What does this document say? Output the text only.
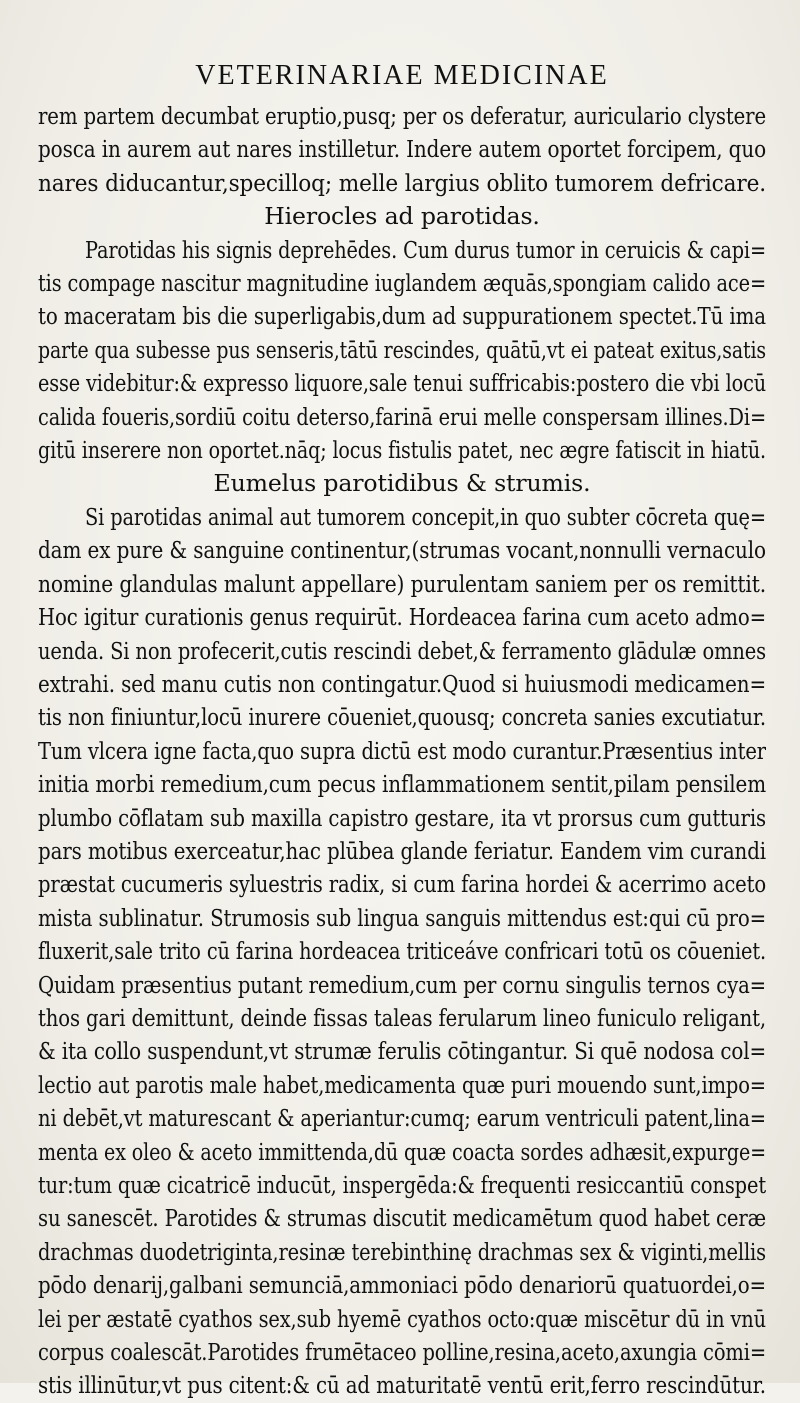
VETERINARIAE MEDICINAE
rem partem decumbat eruptio,pusq; per os deferatur, auriculario clystere
posca in aurem aut nares instilletur. Indere autem oportet forcipem, quo
nares diducantur,specilloq; melle largius oblito tumorem defricare.
Hierocles ad parotidas.
Parotidas his signis deprehēdes. Cum durus tumor in ceruicis & capi=
tis compage nascitur magnitudine iuglandem æquās,spongiam calido ace=
to maceratam bis die superligabis,dum ad suppurationem spectet.Tū ima
parte qua subesse pus senseris,tātū rescindes, quātū,vt ei pateat exitus,satis
esse videbitur:& expresso liquore,sale tenui suffricabis:postero die vbi locū
calida foueris,sordiū coitu deterso,farinā erui melle conspersam illines.Di=
gitū inserere non oportet.nāq; locus fistulis patet, nec ægre fatiscit in hiatū.
Eumelus parotidibus & strumis.
Si parotidas animal aut tumorem concepit,in quo subter cōcreta quę=
dam ex pure & sanguine continentur,(strumas vocant,nonnulli vernaculo
nomine glandulas malunt appellare) purulentam saniem per os remittit.
Hoc igitur curationis genus requirūt. Hordeacea farina cum aceto admo=
uenda. Si non profecerit,cutis rescindi debet,& ferramento glādulæ omnes
extrahi. sed manu cutis non contingatur.Quod si huiusmodi medicamen=
tis non finiuntur,locū inurere cōueniet,quousq; concreta sanies excutiatur.
Tum vlcera igne facta,quo supra dictū est modo curantur.Præsentius inter
initia morbi remedium,cum pecus inflammationem sentit,pilam pensilem
plumbo cōflatam sub maxilla capistro gestare, ita vt prorsus cum gutturis
pars motibus exerceatur,hac plūbea glande feriatur. Eandem vim curandi
præstat cucumeris syluestris radix, si cum farina hordei & acerrimo aceto
mista sublinatur. Strumosis sub lingua sanguis mittendus est:qui cū pro=
fluxerit,sale trito cū farina hordeacea triticeáve confricari totū os cōueniet.
Quidam præsentius putant remedium,cum per cornu singulis ternos cya=
thos gari demittunt, deinde fissas taleas ferularum lineo funiculo religant,
& ita collo suspendunt,vt strumæ ferulis cōtingantur. Si quē nodosa col=
lectio aut parotis male habet,medicamenta quæ puri mouendo sunt,impo=
ni debēt,vt maturescant & aperiantur:cumq; earum ventriculi patent,lina=
menta ex oleo & aceto immittenda,dū quæ coacta sordes adhæsit,expurge=
tur:tum quæ cicatricē inducūt, inspergēda:& frequenti resiccantiū conspet
su sanescēt. Parotides & strumas discutit medicamētum quod habet ceræ
drachmas duodetriginta,resinæ terebinthinę drachmas sex & viginti,mellis
pōdo denarij,galbani semunciā,ammoniaci pōdo denariorū quatuordei,o=
lei per æstatē cyathos sex,sub hyemē cyathos octo:quæ miscētur dū in vnū
corpus coalescāt.Parotides frumētaceo polline,resina,aceto,axungia cōmi=
stis illinūtur,vt pus citent:& cū ad maturitatē ventū erit,ferro rescindūtur.
